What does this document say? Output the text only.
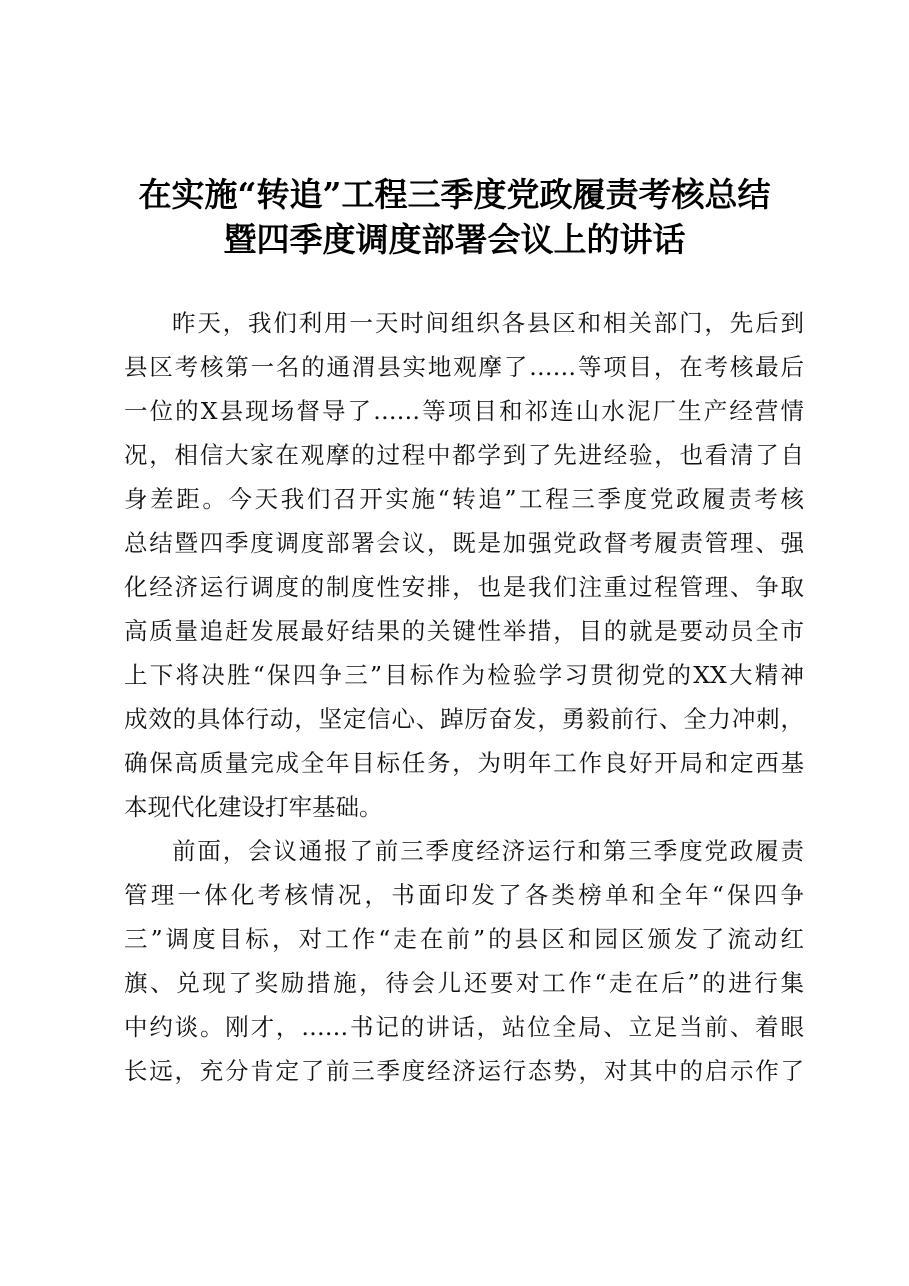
在实施“转追”工程三季度党政履责考核总结
暨四季度调度部署会议上的讲话
昨天，我们利用一天时间组织各县区和相关部门，先后到
县区考核第一名的通渭县实地观摩了……等项目，在考核最后
一位的X县现场督导了……等项目和祁连山水泥厂生产经营情
况，相信大家在观摩的过程中都学到了先进经验，也看清了自
身差距。今天我们召开实施“转追”工程三季度党政履责考核
总结暨四季度调度部署会议，既是加强党政督考履责管理、强
化经济运行调度的制度性安排，也是我们注重过程管理、争取
高质量追赶发展最好结果的关键性举措，目的就是要动员全市
上下将决胜“保四争三”目标作为检验学习贯彻党的XX大精神
成效的具体行动，坚定信心、踔厉奋发，勇毅前行、全力冲刺，
确保高质量完成全年目标任务，为明年工作良好开局和定西基
本现代化建设打牢基础。
前面，会议通报了前三季度经济运行和第三季度党政履责
管理一体化考核情况，书面印发了各类榜单和全年“保四争
三”调度目标，对工作“走在前”的县区和园区颁发了流动红
旗、兑现了奖励措施，待会儿还要对工作“走在后”的进行集
中约谈。刚才，……书记的讲话，站位全局、立足当前、着眼
长远，充分肯定了前三季度经济运行态势，对其中的启示作了
